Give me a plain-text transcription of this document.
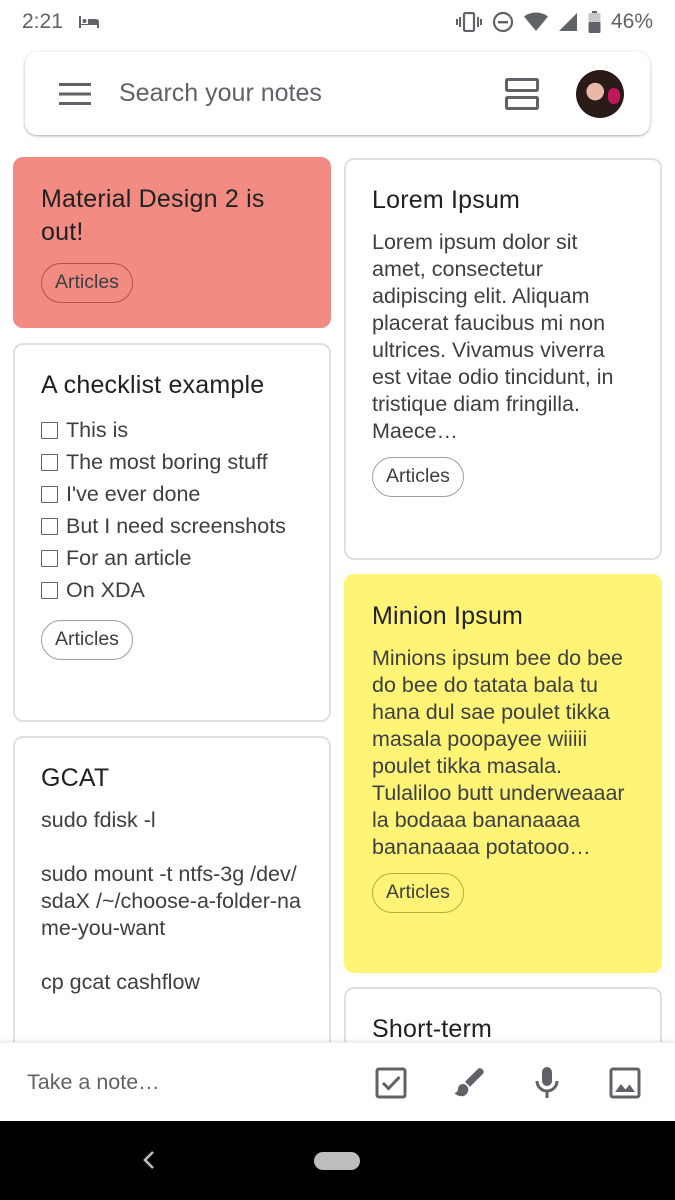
2:21	46%
Search your notes
Material Design 2 is out!
Articles
Lorem Ipsum
Lorem ipsum dolor sit amet, consectetur adipiscing elit. Aliquam placerat faucibus mi non ultrices. Vivamus viverra est vitae odio tincidunt, in tristique diam fringilla. Maece…
Articles
A checklist example
This is
The most boring stuff
I've ever done
But I need screenshots
For an article
On XDA
Articles
Minion Ipsum
Minions ipsum bee do bee do bee do tatata bala tu hana dul sae poulet tikka masala poopayee wiiiii poulet tikka masala. Tulaliloo butt underweaaar la bodaaa bananaaaa bananaaaa potatooo…
Articles
GCAT
sudo fdisk -l
sudo mount -t ntfs-3g /dev/sdaX /~/choose-a-folder-name-you-want
cp gcat cashflow
Short-term
Take a note…
